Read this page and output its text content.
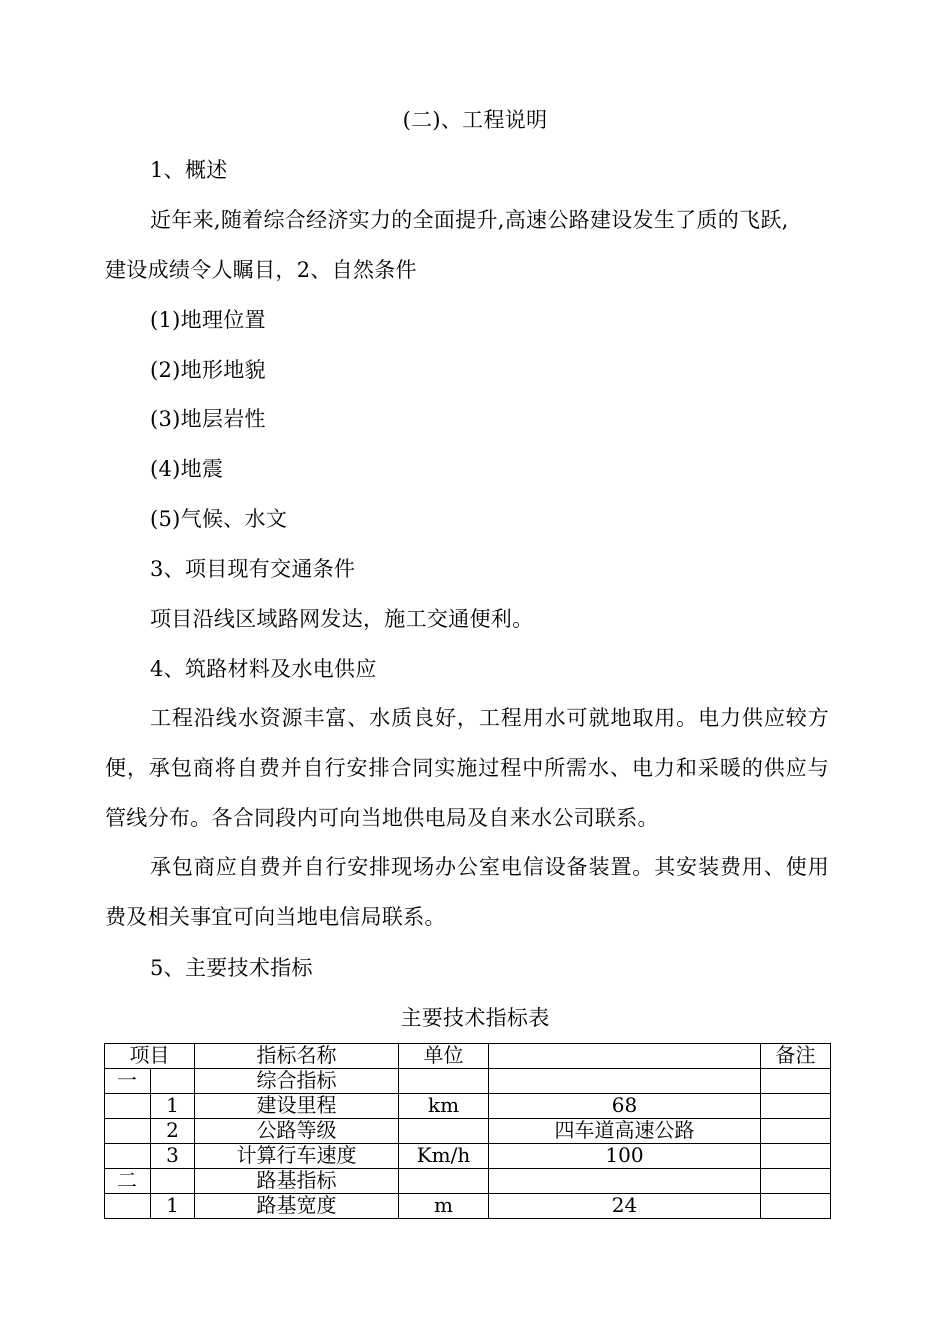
(二)、工程说明
1、概述
近年来,随着综合经济实力的全面提升,高速公路建设发生了质的飞跃,
建设成绩令人瞩目，2、自然条件
(1)地理位置
(2)地形地貌
(3)地层岩性
(4)地震
(5)气候、水文
3、项目现有交通条件
项目沿线区域路网发达，施工交通便利。
4、筑路材料及水电供应
工程沿线水资源丰富、水质良好，工程用水可就地取用。电力供应较方便，承包商将自费并自行安排合同实施过程中所需水、电力和采暖的供应与管线分布。各合同段内可向当地供电局及自来水公司联系。
承包商应自费并自行安排现场办公室电信设备装置。其安装费用、使用费及相关事宜可向当地电信局联系。
5、主要技术指标
主要技术指标表
项目		指标名称	单位		备注
一		综合指标			
	1	建设里程	km	68	
	2	公路等级		四车道高速公路	
	3	计算行车速度	Km/h	100	
二		路基指标			
	1	路基宽度	m	24	
